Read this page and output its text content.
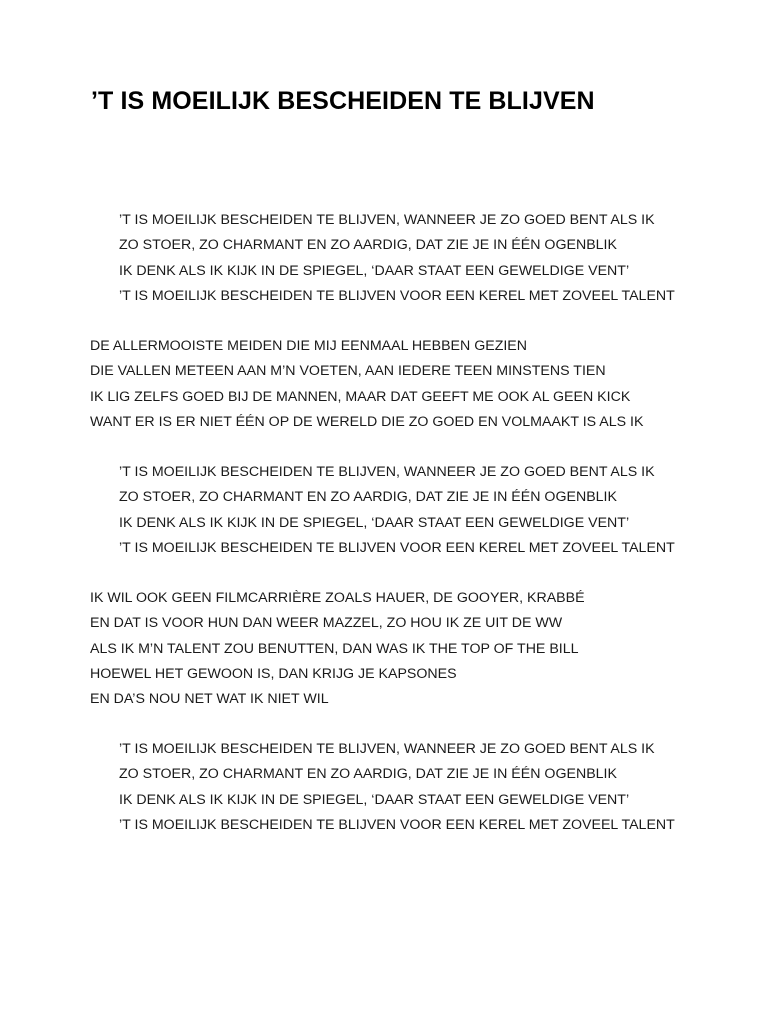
’T IS MOEILIJK BESCHEIDEN TE BLIJVEN
’T IS MOEILIJK BESCHEIDEN TE BLIJVEN, WANNEER JE ZO GOED BENT ALS IK
ZO STOER, ZO CHARMANT EN ZO AARDIG, DAT ZIE JE IN ÉÉN OGENBLIK
IK DENK ALS IK KIJK IN DE SPIEGEL, ‘DAAR STAAT EEN GEWELDIGE VENT’
’T IS MOEILIJK BESCHEIDEN TE BLIJVEN VOOR EEN KEREL MET ZOVEEL TALENT
DE ALLERMOOISTE MEIDEN DIE MIJ EENMAAL HEBBEN GEZIEN
DIE VALLEN METEEN AAN M’N VOETEN, AAN IEDERE TEEN MINSTENS TIEN
IK LIG ZELFS GOED BIJ DE MANNEN, MAAR DAT GEEFT ME OOK AL GEEN KICK
WANT ER IS ER NIET ÉÉN OP DE WERELD DIE ZO GOED EN VOLMAAKT IS ALS IK
’T IS MOEILIJK BESCHEIDEN TE BLIJVEN, WANNEER JE ZO GOED BENT ALS IK
ZO STOER, ZO CHARMANT EN ZO AARDIG, DAT ZIE JE IN ÉÉN OGENBLIK
IK DENK ALS IK KIJK IN DE SPIEGEL, ‘DAAR STAAT EEN GEWELDIGE VENT’
’T IS MOEILIJK BESCHEIDEN TE BLIJVEN VOOR EEN KEREL MET ZOVEEL TALENT
IK WIL OOK GEEN FILMCARRIÈRE ZOALS HAUER, DE GOOYER, KRABBÉ
EN DAT IS VOOR HUN DAN WEER MAZZEL, ZO HOU IK ZE UIT DE WW
ALS IK M’N TALENT ZOU BENUTTEN, DAN WAS IK THE TOP OF THE BILL
HOEWEL HET GEWOON IS, DAN KRIJG JE KAPSONES
EN DA’S NOU NET WAT IK NIET WIL
’T IS MOEILIJK BESCHEIDEN TE BLIJVEN, WANNEER JE ZO GOED BENT ALS IK
ZO STOER, ZO CHARMANT EN ZO AARDIG, DAT ZIE JE IN ÉÉN OGENBLIK
IK DENK ALS IK KIJK IN DE SPIEGEL, ‘DAAR STAAT EEN GEWELDIGE VENT’
’T IS MOEILIJK BESCHEIDEN TE BLIJVEN VOOR EEN KEREL MET ZOVEEL TALENT
